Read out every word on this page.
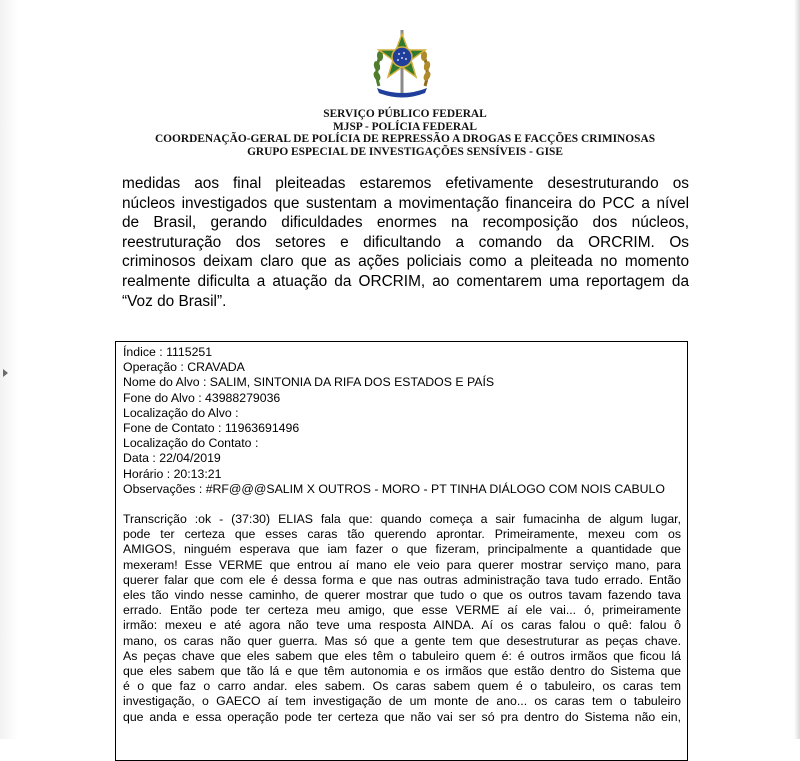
SERVIÇO PÚBLICO FEDERAL
MJSP - POLÍCIA FEDERAL
COORDENAÇÃO-GERAL DE POLÍCIA DE REPRESSÃO A DROGAS E FACÇÕES CRIMINOSAS
GRUPO ESPECIAL DE INVESTIGAÇÕES SENSÍVEIS - GISE
medidas aos final pleiteadas estaremos efetivamente desestruturando os
núcleos investigados que sustentam a movimentação financeira do PCC a nível
de Brasil, gerando dificuldades enormes na recomposição dos núcleos,
reestruturação dos setores e dificultando a comando da ORCRIM. Os
criminosos deixam claro que as ações policiais como a pleiteada no momento
realmente dificulta a atuação da ORCRIM, ao comentarem uma reportagem da
“Voz do Brasil”.
Índice : 1115251
Operação : CRAVADA
Nome do Alvo : SALIM, SINTONIA DA RIFA DOS ESTADOS E PAÍS
Fone do Alvo : 43988279036
Localização do Alvo :
Fone de Contato : 11963691496
Localização do Contato :
Data : 22/04/2019
Horário : 20:13:21
Observações : #RF@@@SALIM X OUTROS - MORO - PT TINHA DIÁLOGO COM NOIS CABULO
Transcrição :ok - (37:30) ELIAS fala que: quando começa a sair fumacinha de algum lugar,
pode ter certeza que esses caras tão querendo aprontar. Primeiramente, mexeu com os
AMIGOS, ninguém esperava que iam fazer o que fizeram, principalmente a quantidade que
mexeram! Esse VERME que entrou aí mano ele veio para querer mostrar serviço mano, para
querer falar que com ele é dessa forma e que nas outras administração tava tudo errado. Então
eles tão vindo nesse caminho, de querer mostrar que tudo o que os outros tavam fazendo tava
errado. Então pode ter certeza meu amigo, que esse VERME aí ele vai... ó, primeiramente
irmão: mexeu e até agora não teve uma resposta AINDA. Aí os caras falou o quê: falou ô
mano, os caras não quer guerra. Mas só que a gente tem que desestruturar as peças chave.
As peças chave que eles sabem que eles têm o tabuleiro quem é: é outros irmãos que ficou lá
que eles sabem que tão lá e que têm autonomia e os irmãos que estão dentro do Sistema que
é o que faz o carro andar. eles sabem. Os caras sabem quem é o tabuleiro, os caras tem
investigação, o GAECO aí tem investigação de um monte de ano... os caras tem o tabuleiro
que anda e essa operação pode ter certeza que não vai ser só pra dentro do Sistema não ein,
